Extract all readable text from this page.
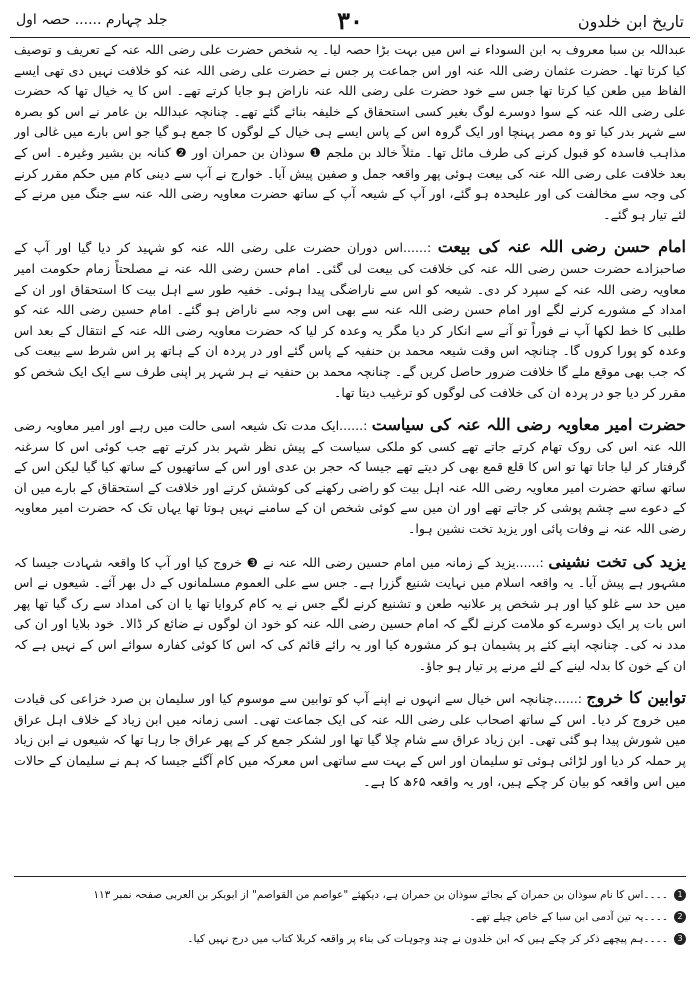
تاریخ ابن خلدون
۳۰
جلد چہارم ...... حصہ اول

عبداللہ بن سبا معروف بہ ابن السوداء نے اس میں بہت بڑا حصہ لیا۔ یہ شخص حضرت علی رضی اللہ عنہ کے تعریف و توصیف کیا کرتا تھا۔ حضرت عثمان رضی اللہ عنہ اور اس جماعت پر جس نے حضرت علی رضی اللہ عنہ کو خلافت نہیں دی تھی ایسے الفاظ میں طعن کیا کرتا تھا جس سے خود حضرت علی رضی اللہ عنہ ناراض ہو جایا کرتے تھے۔ اس کا یہ خیال تھا کہ حضرت علی رضی اللہ عنہ کے سوا دوسرے لوگ بغیر کسی استحقاق کے خلیفہ بنائے گئے تھے۔ چنانچہ عبداللہ بن عامر نے اس کو بصرہ سے شہر بدر کیا تو وہ مصر پہنچا اور ایک گروہ اس کے پاس ایسے ہی خیال کے لوگوں کا جمع ہو گیا جو اس بارے میں غالی اور مذاہب فاسدہ کو قبول کرنے کی طرف مائل تھا۔ مثلاً خالد بن ملجم ❶ سوذان بن حمران اور ❷ کنانہ بن بشیر وغیرہ۔ اس کے بعد خلافت علی رضی اللہ عنہ کی بیعت ہوئی پھر واقعہ جمل و صفین پیش آیا۔ خوارج نے آپ سے دینی کام میں حکم مقرر کرنے کی وجہ سے مخالفت کی اور علیحدہ ہو گئے، اور آپ کے شیعہ آپ کے ساتھ حضرت معاویہ رضی اللہ عنہ سے جنگ میں مرنے کے لئے تیار ہو گئے۔

امام حسن رضی اللہ عنہ کی بیعت :......اس دوران حضرت علی رضی اللہ عنہ کو شہید کر دیا گیا اور آپ کے صاحبزادے حضرت حسن رضی اللہ عنہ کی خلافت کی بیعت لی گئی۔ امام حسن رضی اللہ عنہ نے مصلحتاً زمام حکومت امیر معاویہ رضی اللہ عنہ کے سپرد کر دی۔ شیعہ کو اس سے ناراضگی پیدا ہوئی۔ خفیہ طور سے اہل بیت کا استحقاق اور ان کے امداد کے مشورے کرنے لگے اور امام حسن رضی اللہ عنہ سے بھی اس وجہ سے ناراض ہو گئے۔ امام حسین رضی اللہ عنہ کو طلبی کا خط لکھا آپ نے فوراً تو آنے سے انکار کر دیا مگر یہ وعدہ کر لیا کہ حضرت معاویہ رضی اللہ عنہ کے انتقال کے بعد اس وعدہ کو پورا کروں گا۔ چنانچہ اس وقت شیعہ محمد بن حنفیہ کے پاس گئے اور در پردہ ان کے ہاتھ پر اس شرط سے بیعت کی کہ جب بھی موقع ملے گا خلافت ضرور حاصل کریں گے۔ چنانچہ محمد بن حنفیہ نے ہر شہر پر اپنی طرف سے ایک ایک شخص کو مقرر کر دیا جو در پردہ ان کی خلافت کی لوگوں کو ترغیب دیتا تھا۔

حضرت امیر معاویہ رضی اللہ عنہ کی سیاست :......ایک مدت تک شیعہ اسی حالت میں رہے اور امیر معاویہ رضی اللہ عنہ اس کی روک تھام کرتے جاتے تھے کسی کو ملکی سیاست کے پیش نظر شہر بدر کرتے تھے جب کوئی اس کا سرغنہ گرفتار کر لیا جاتا تھا تو اس کا قلع قمع بھی کر دیتے تھے جیسا کہ حجر بن عدی اور اس کے ساتھیوں کے ساتھ کیا گیا لیکن اس کے ساتھ ساتھ حضرت امیر معاویہ رضی اللہ عنہ اہل بیت کو راضی رکھنے کی کوشش کرتے اور خلافت کے استحقاق کے بارے میں ان کے دعوے سے چشم پوشی کر جاتے تھے اور ان میں سے کوئی شخص ان کے سامنے نہیں ہوتا تھا یہاں تک کہ حضرت امیر معاویہ رضی اللہ عنہ نے وفات پائی اور یزید تخت نشین ہوا۔

یزید کی تخت نشینی :......یزید کے زمانہ میں امام حسین رضی اللہ عنہ نے ❸ خروج کیا اور آپ کا واقعہ شہادت جیسا کہ مشہور ہے پیش آیا۔ یہ واقعہ اسلام میں نہایت شنیع گزرا ہے۔ جس سے علی العموم مسلمانوں کے دل بھر آئے۔ شیعوں نے اس میں حد سے غلو کیا اور ہر شخص پر علانیہ طعن و تشنیع کرنے لگے جس نے یہ کام کروایا تھا یا ان کی امداد سے رک گیا تھا پھر اس بات پر ایک دوسرے کو ملامت کرنے لگے کہ امام حسین رضی اللہ عنہ کو خود ان لوگوں نے ضائع کر ڈالا۔ خود بلایا اور ان کی مدد نہ کی۔ چنانچہ اپنے کئے پر پشیمان ہو کر مشورہ کیا اور یہ رائے قائم کی کہ اس کا کوئی کفارہ سوائے اس کے نہیں ہے کہ ان کے خون کا بدلہ لینے کے لئے مرنے پر تیار ہو جاؤ۔

توابین کا خروج :......چنانچہ اس خیال سے انہوں نے اپنے آپ کو توابین سے موسوم کیا اور سلیمان بن صرد خزاعی کی قیادت میں خروج کر دیا۔ اس کے ساتھ اصحاب علی رضی اللہ عنہ کی ایک جماعت تھی۔ اسی زمانہ میں ابن زیاد کے خلاف اہل عراق میں شورش پیدا ہو گئی تھی۔ ابن زیاد عراق سے شام چلا گیا تھا اور لشکر جمع کر کے پھر عراق جا رہا تھا کہ شیعوں نے ابن زیاد پر حملہ کر دیا اور لڑائی ہوئی تو سلیمان اور اس کے بہت سے ساتھی اس معرکہ میں کام آگئے جیسا کہ ہم نے سلیمان کے حالات میں اس واقعہ کو بیان کر چکے ہیں، اور یہ واقعہ ۶۵ھ کا ہے۔

1
۔۔۔۔اس کا نام سوذان بن حمران کے بجائے سوذان بن حمران ہے، دیکھئے "عواصم من القواصم" از ابوبکر بن العربی صفحہ نمبر ۱۱۳
2
۔۔۔۔یہ تین آدمی ابن سبا کے خاص چیلے تھے۔
3
۔۔۔۔ہم پیچھے ذکر کر چکے ہیں کہ ابن خلدون نے چند وجوہات کی بناء پر واقعہ کربلا کتاب میں درج نہیں کیا۔
